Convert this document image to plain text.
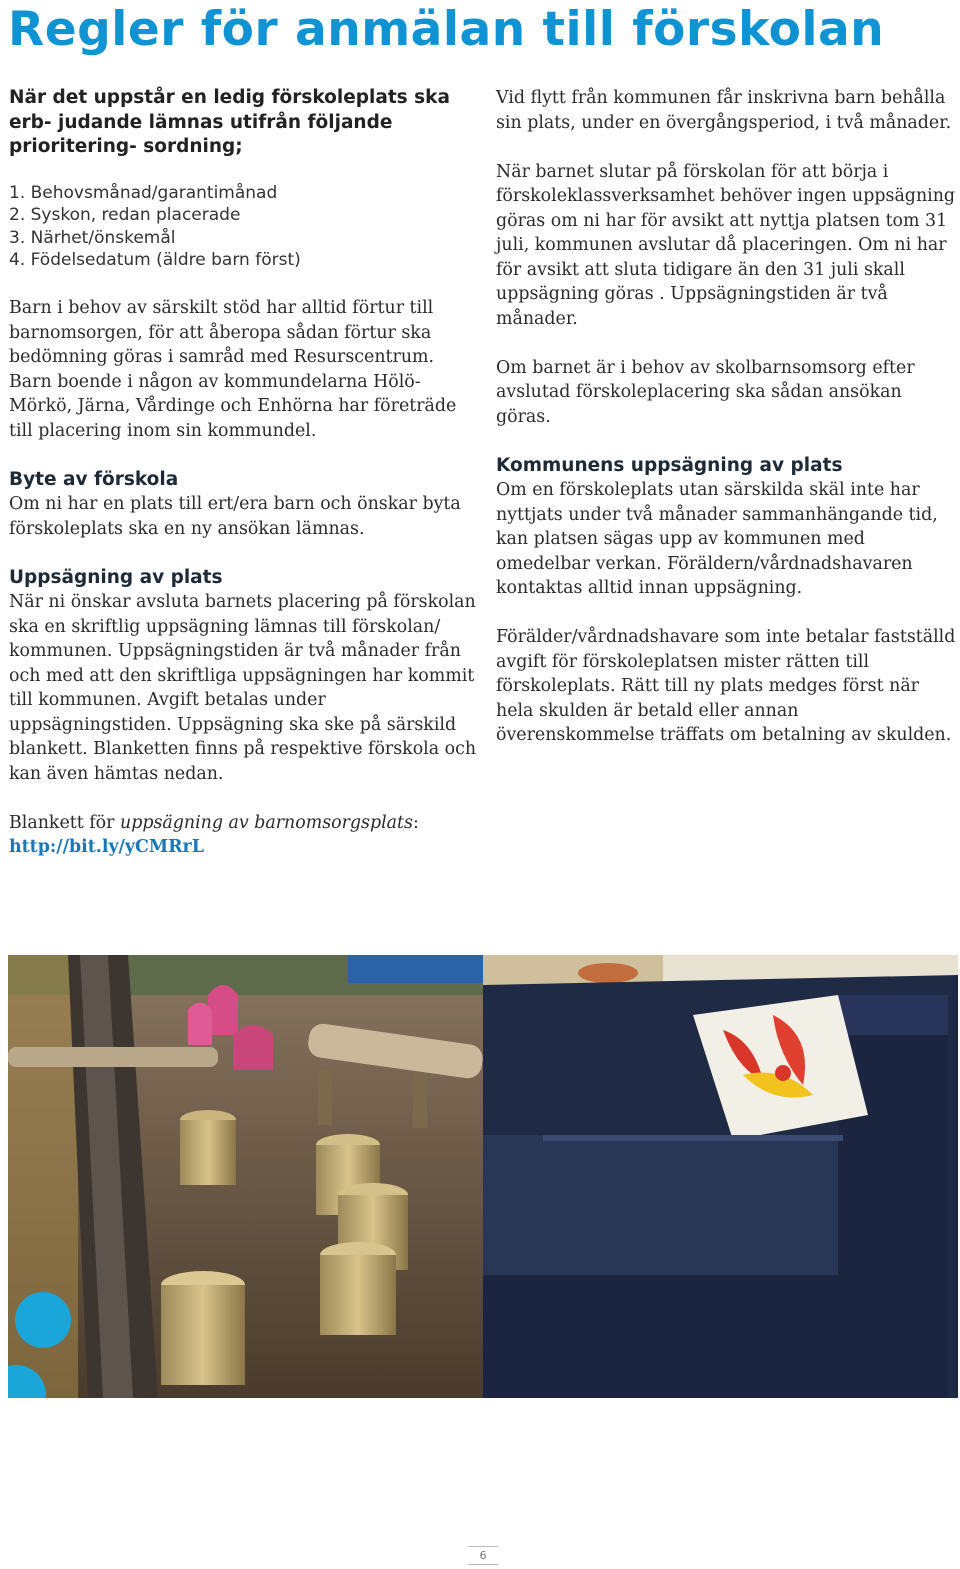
Regler för anmälan till förskolan

När det uppstår en ledig förskoleplats ska erb- judande lämnas utifrån följande prioritering- sordning;

1. Behovsmånad/garantimånad
2. Syskon, redan placerade
3. Närhet/önskemål
4. Födelsedatum (äldre barn först)

Barn i behov av särskilt stöd har alltid förtur till barnomsorgen, för att åberopa sådan förtur ska bedömning göras i samråd med Resurscentrum. Barn boende i någon av kommundelarna Hölö-Mörkö, Järna, Vårdinge och Enhörna har företräde till placering inom sin kommundel.

Byte av förskola

Om ni har en plats till ert/era barn och önskar byta förskoleplats ska en ny ansökan lämnas.

Uppsägning av plats

När ni önskar avsluta barnets placering på förskolan ska en skriftlig uppsägning lämnas till förskolan/ kommunen. Uppsägningstiden är två månader från och med att den skriftliga uppsägningen har kommit till kommunen. Avgift betalas under uppsägningstiden. Uppsägning ska ske på särskild blankett. Blanketten finns på respektive förskola och kan även hämtas nedan.

Blankett för uppsägning av barnomsorgsplats:
http://bit.ly/yCMRrL

Vid flytt från kommunen får inskrivna barn behålla sin plats, under en övergångsperiod, i två månader.

När barnet slutar på förskolan för att börja i förskoleklassverksamhet behöver ingen uppsägning göras om ni har för avsikt att nyttja platsen tom 31 juli, kommunen avslutar då placeringen. Om ni har för avsikt att sluta tidigare än den 31 juli skall uppsägning göras . Uppsägningstiden är två månader.

Om barnet är i behov av skolbarnsomsorg efter avslutad förskoleplacering ska sådan ansökan göras.

Kommunens uppsägning av plats

Om en förskoleplats utan särskilda skäl inte har nyttjats under två månader sammanhängande tid, kan platsen sägas upp av kommunen med omedelbar verkan. Föräldern/vårdnadshavaren kontaktas alltid innan uppsägning.

Förälder/vårdnadshavare som inte betalar fastställd avgift för förskoleplatsen mister rätten till förskoleplats. Rätt till ny plats medges först när hela skulden är betald eller annan överenskommelse träffats om betalning av skulden.

6
